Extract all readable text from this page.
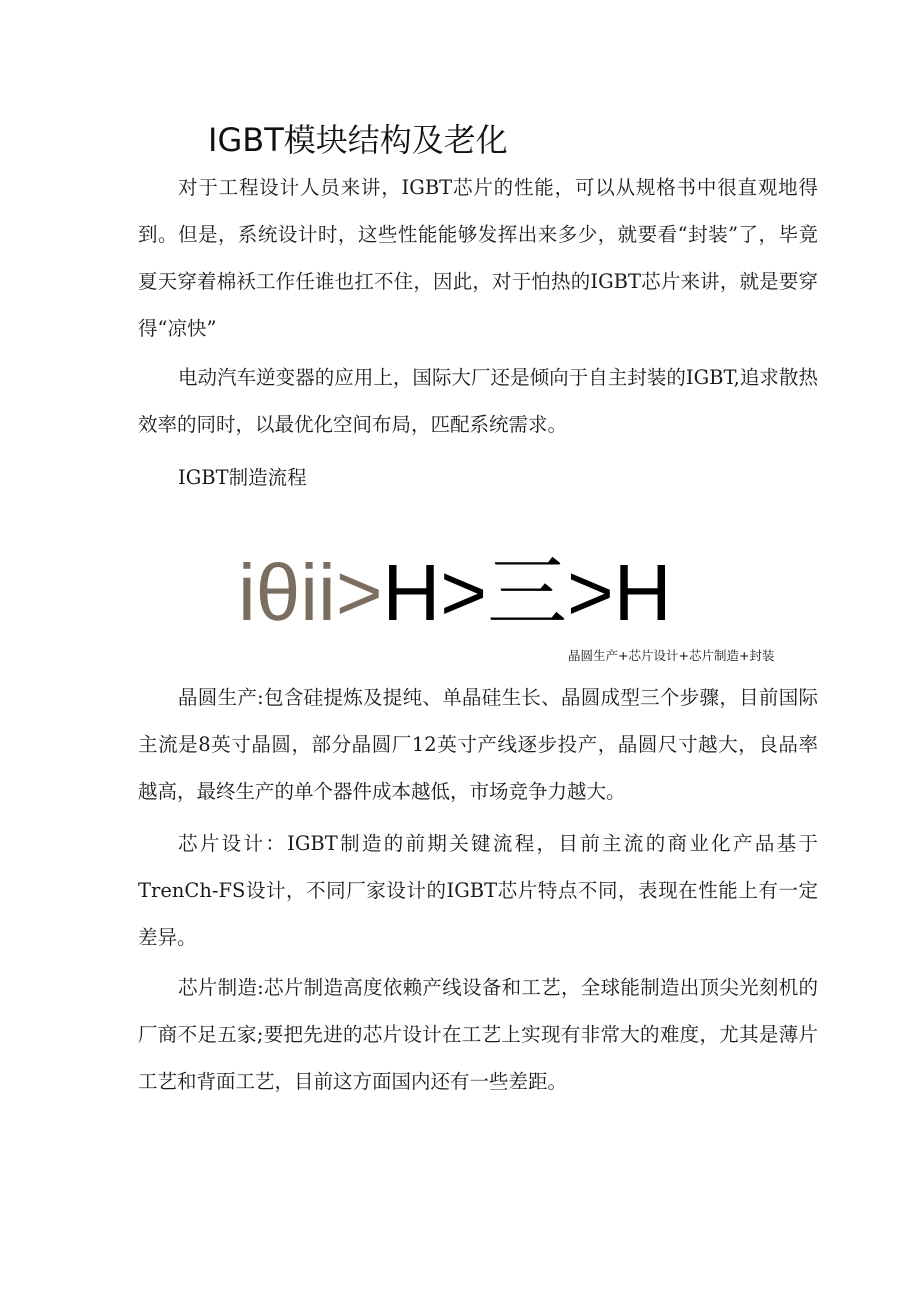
IGBT模块结构及老化
对于工程设计人员来讲，IGBT芯片的性能，可以从规格书中很直观地得到。但是，系统设计时，这些性能能够发挥出来多少，就要看“封装”了，毕竟夏天穿着棉袄工作任谁也扛不住，因此，对于怕热的IGBT芯片来讲，就是要穿得“凉快”
电动汽车逆变器的应用上，国际大厂还是倾向于自主封装的IGBT,追求散热效率的同时，以最优化空间布局，匹配系统需求。
IGBT制造流程
iθii>H>三>H
晶圆生产+芯片设计+芯片制造+封装
晶圆生产:包含硅提炼及提纯、单晶硅生长、晶圆成型三个步骤，目前国际主流是8英寸晶圆，部分晶圆厂12英寸产线逐步投产，晶圆尺寸越大，良品率越高，最终生产的单个器件成本越低，市场竞争力越大。
芯片设计：IGBT制造的前期关键流程，目前主流的商业化产品基于TrenCh-FS设计，不同厂家设计的IGBT芯片特点不同，表现在性能上有一定差异。
芯片制造:芯片制造高度依赖产线设备和工艺，全球能制造出顶尖光刻机的厂商不足五家;要把先进的芯片设计在工艺上实现有非常大的难度，尤其是薄片工艺和背面工艺，目前这方面国内还有一些差距。
